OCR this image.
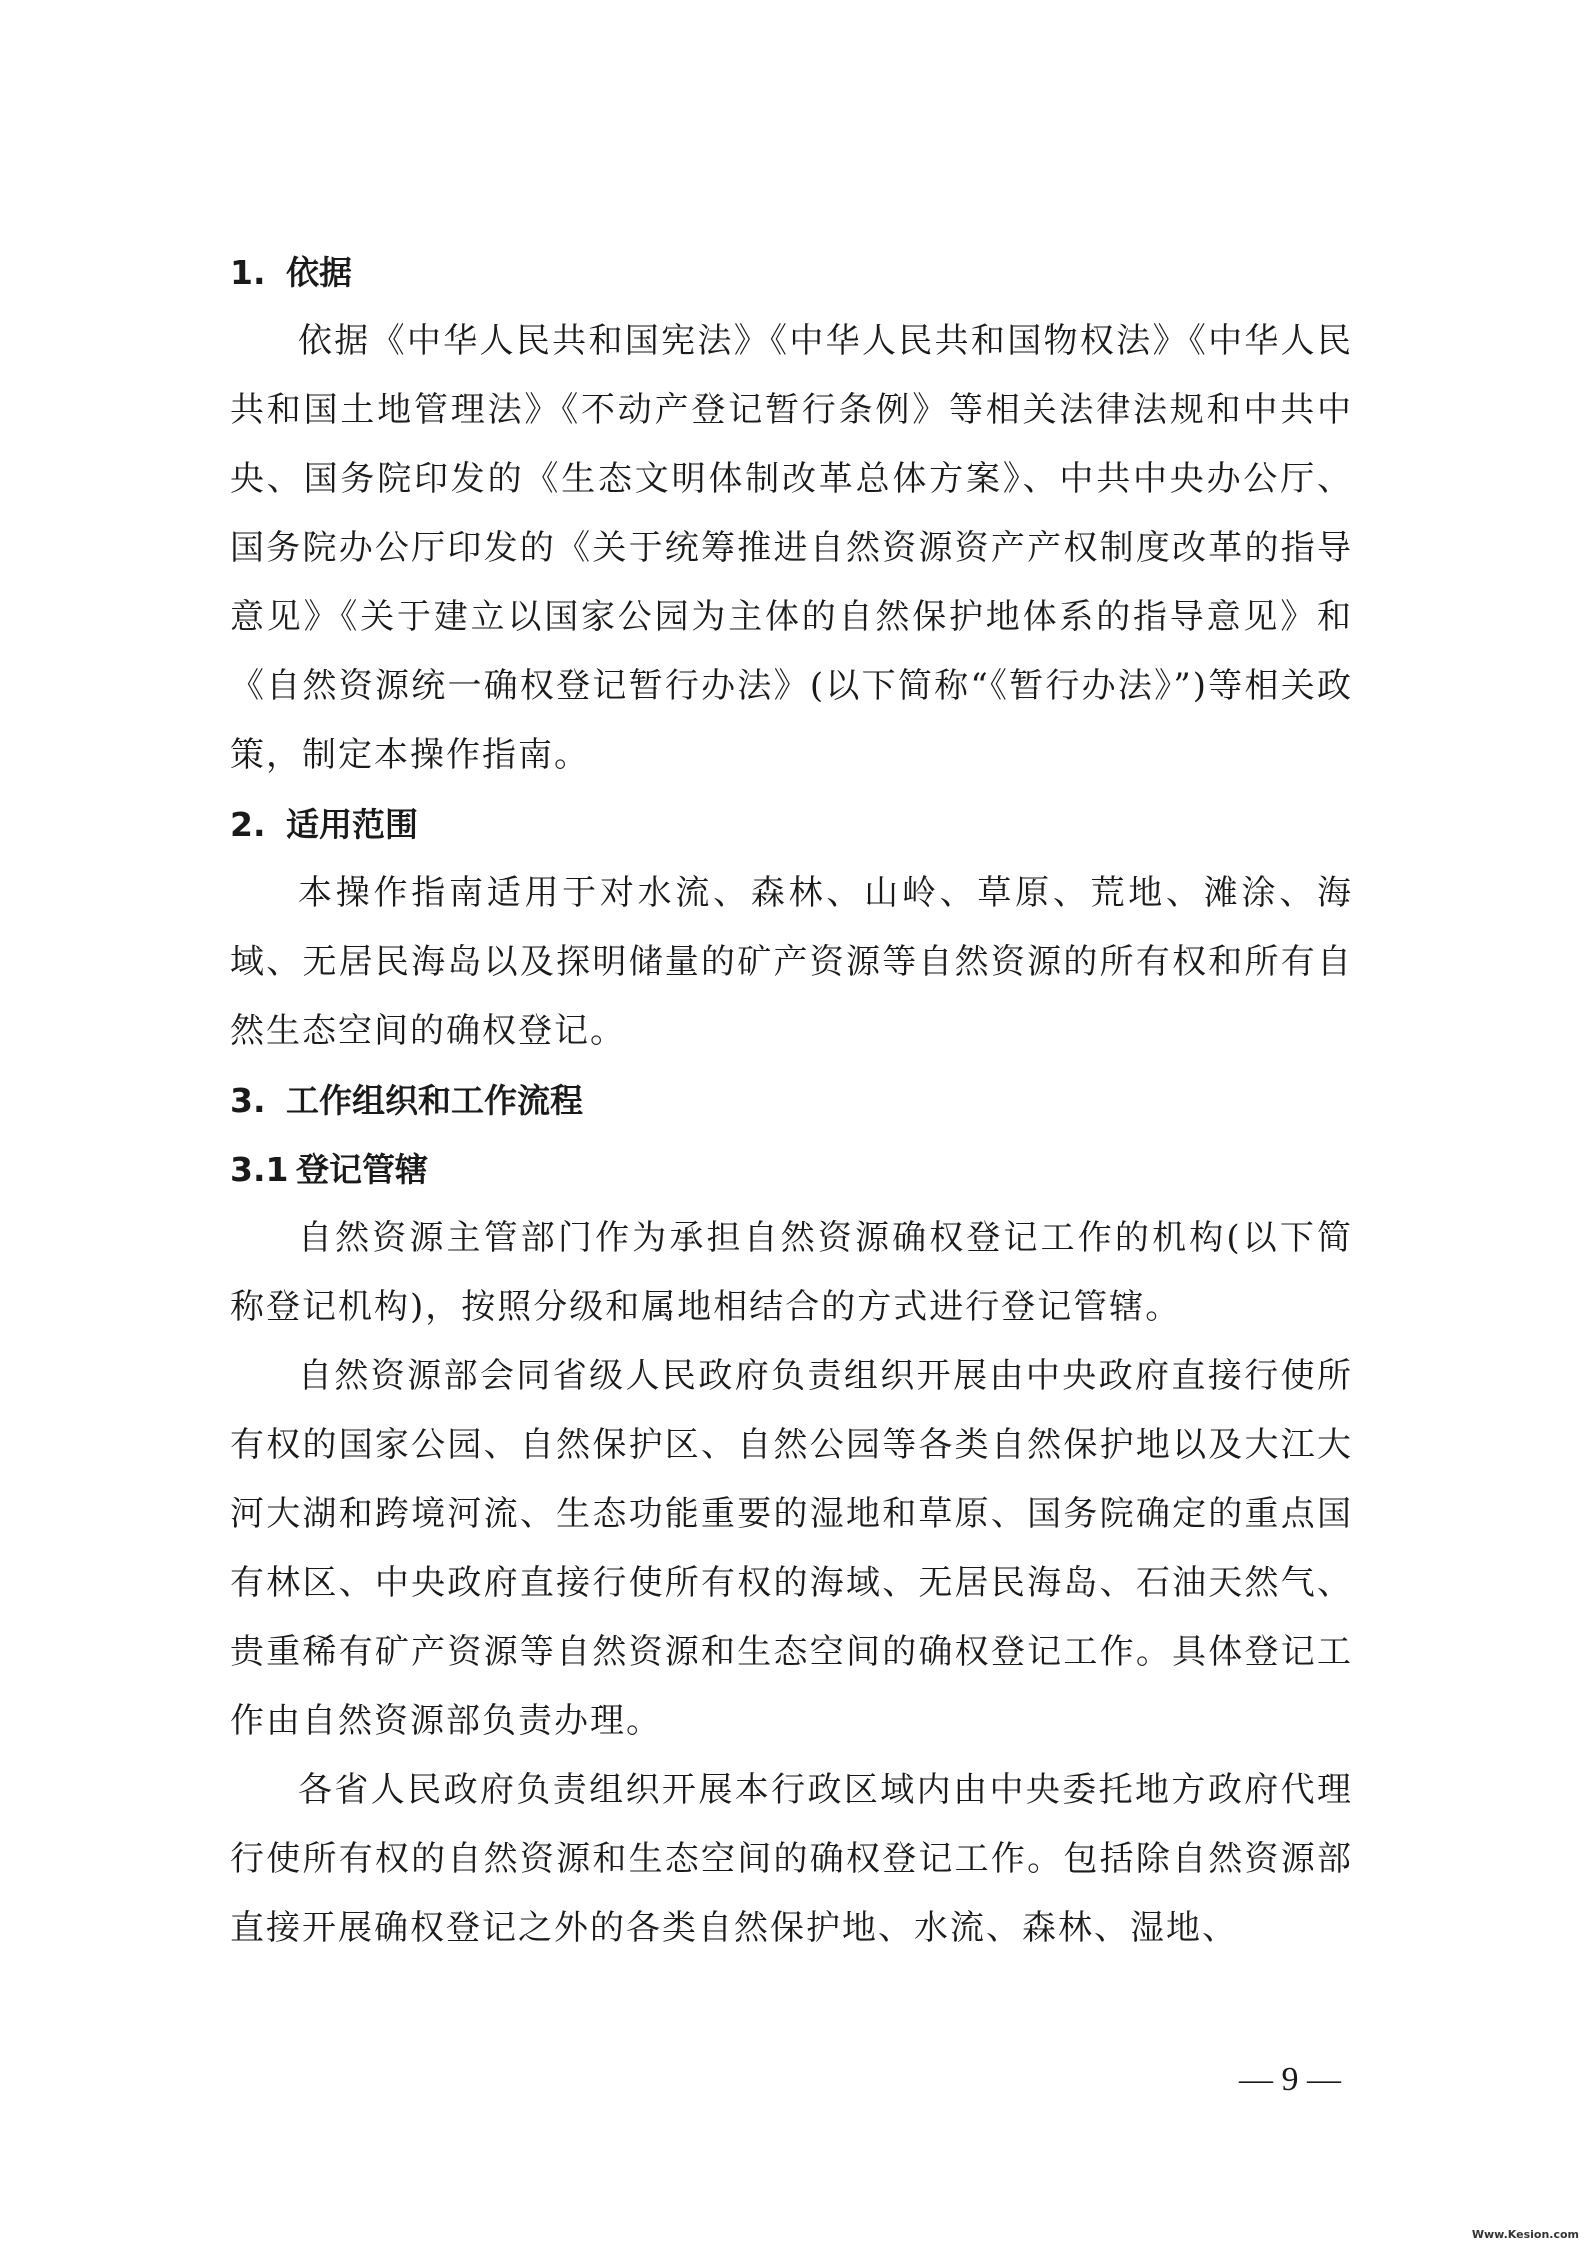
1. 依据

依据《中华人民共和国宪法》《中华人民共和国物权法》《中华人民共和国土地管理法》《不动产登记暂行条例》等相关法律法规和中共中央、国务院印发的《生态文明体制改革总体方案》、中共中央办公厅、国务院办公厅印发的《关于统筹推进自然资源资产产权制度改革的指导意见》《关于建立以国家公园为主体的自然保护地体系的指导意见》和《自然资源统一确权登记暂行办法》(以下简称“《暂行办法》”)等相关政策，制定本操作指南。

2. 适用范围

本操作指南适用于对水流、森林、山岭、草原、荒地、滩涂、海域、无居民海岛以及探明储量的矿产资源等自然资源的所有权和所有自然生态空间的确权登记。

3. 工作组织和工作流程
3.1 登记管辖

自然资源主管部门作为承担自然资源确权登记工作的机构(以下简称登记机构)，按照分级和属地相结合的方式进行登记管辖。

自然资源部会同省级人民政府负责组织开展由中央政府直接行使所有权的国家公园、自然保护区、自然公园等各类自然保护地以及大江大河大湖和跨境河流、生态功能重要的湿地和草原、国务院确定的重点国有林区、中央政府直接行使所有权的海域、无居民海岛、石油天然气、贵重稀有矿产资源等自然资源和生态空间的确权登记工作。具体登记工作由自然资源部负责办理。

各省人民政府负责组织开展本行政区域内由中央委托地方政府代理行使所有权的自然资源和生态空间的确权登记工作。包括除自然资源部直接开展确权登记之外的各类自然保护地、水流、森林、湿地、

— 9 —
Www.Kesion.com
